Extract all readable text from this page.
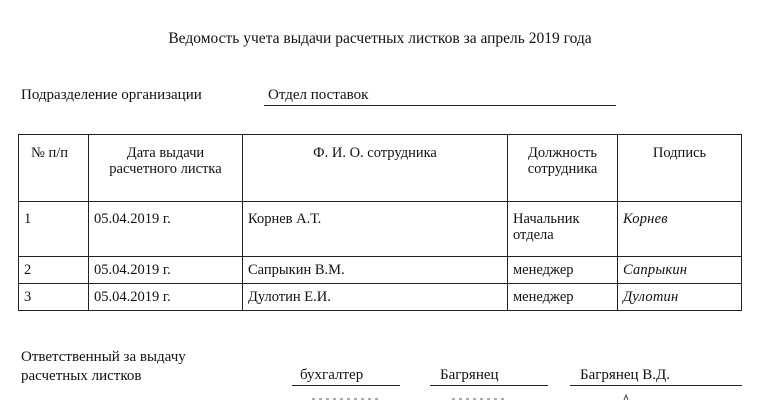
Ведомость учета выдачи расчетных листков за апрель 2019 года
Подразделение организации	Отдел поставок
№ п/п	Дата выдачи расчетного листка	Ф. И. О. сотрудника	Должность сотрудника	Подпись
1	05.04.2019 г.	Корнев А.Т.	Начальник отдела	Корнев
2	05.04.2019 г.	Сапрыкин В.М.	менеджер	Сапрыкин
3	05.04.2019 г.	Дулотин Е.И.	менеджер	Дулотин
Ответственный за выдачу
расчетных листков	бухгалтер	Багрянец	Багрянец В.Д.
